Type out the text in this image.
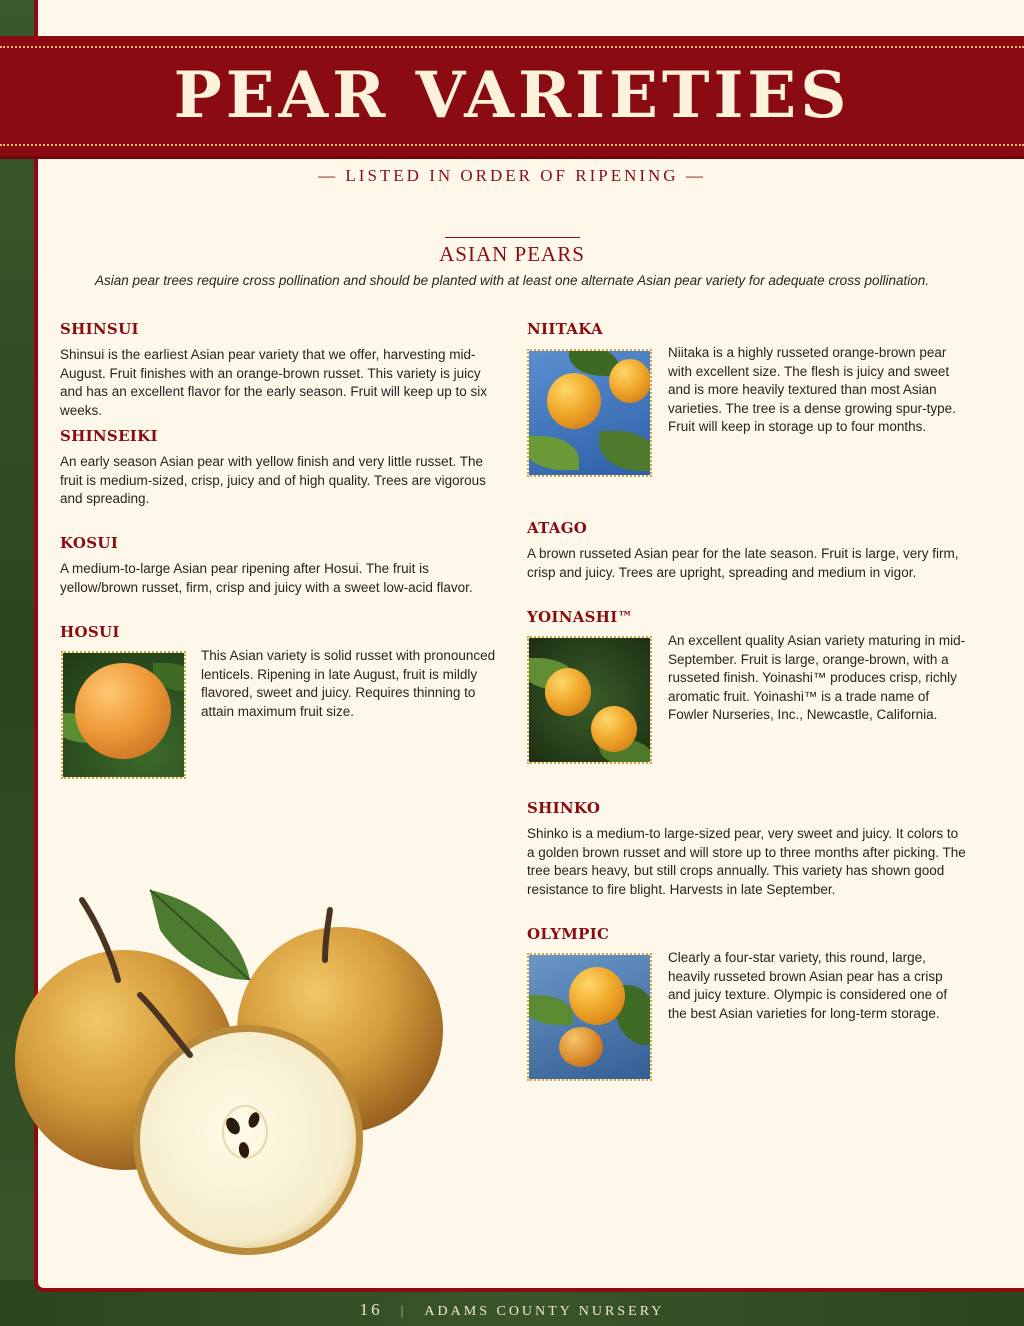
PEAR VARIETIES
— LISTED IN ORDER OF RIPENING —
ASIAN PEARS
Asian pear trees require cross pollination and should be planted with at least one alternate Asian pear variety for adequate cross pollination.
SHINSUI
Shinsui is the earliest Asian pear variety that we offer, harvesting mid-August. Fruit finishes with an orange-brown russet. This variety is juicy and has an excellent flavor for the early season. Fruit will keep up to six weeks.
SHINSEIKI
An early season Asian pear with yellow finish and very little russet. The fruit is medium-sized, crisp, juicy and of high quality. Trees are vigorous and spreading.
KOSUI
A medium-to-large Asian pear ripening after Hosui. The fruit is yellow/brown russet, firm, crisp and juicy with a sweet low-acid flavor.
HOSUI
This Asian variety is solid russet with pronounced lenticels. Ripening in late August, fruit is mildly flavored, sweet and juicy. Requires thinning to attain maximum fruit size.
NIITAKA
Niitaka is a highly russeted orange-brown pear with excellent size. The flesh is juicy and sweet and is more heavily textured than most Asian varieties. The tree is a dense growing spur-type. Fruit will keep in storage up to four months.
ATAGO
A brown russeted Asian pear for the late season. Fruit is large, very firm, crisp and juicy. Trees are upright, spreading and medium in vigor.
YOINASHI™
An excellent quality Asian variety maturing in mid-September. Fruit is large, orange-brown, with a russeted finish. Yoinashi™ produces crisp, richly aromatic fruit. Yoinashi™ is a trade name of Fowler Nurseries, Inc., Newcastle, California.
SHINKO
Shinko is a medium-to large-sized pear, very sweet and juicy. It colors to a golden brown russet and will store up to three months after picking. The tree bears heavy, but still crops annually. This variety has shown good resistance to fire blight. Harvests in late September.
OLYMPIC
Clearly a four-star variety, this round, large, heavily russeted brown Asian pear has a crisp and juicy texture. Olympic is considered one of the best Asian varieties for long-term storage.
16 | ADAMS COUNTY NURSERY
